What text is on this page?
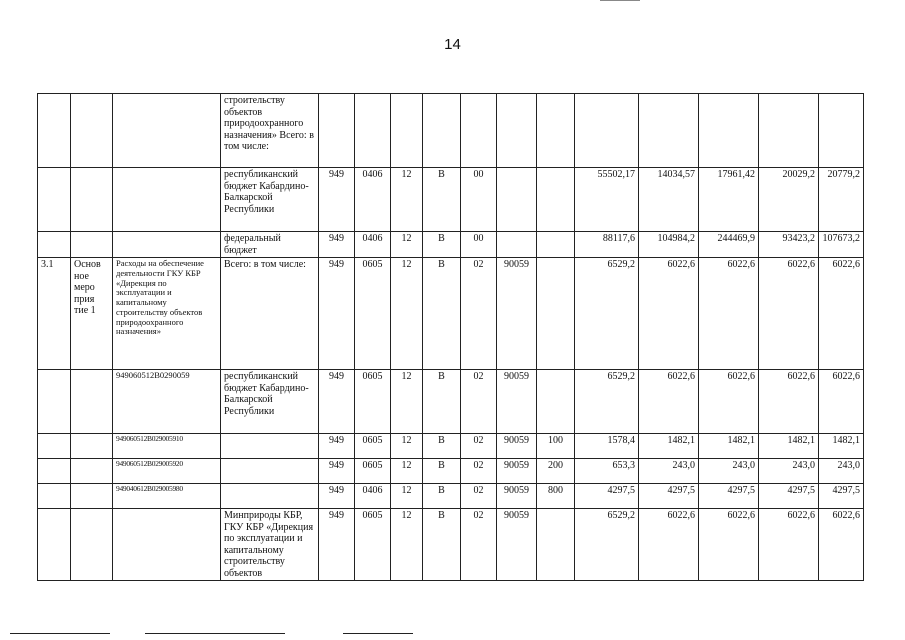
14
			строительству объектов природоохранного назначения» Всего: в том числе:												
			республиканский бюджет Кабардино-Балкарской Республики	949	0406	12	В	00			55502,17	14034,57	17961,42	20029,2	20779,2
			федеральный бюджет	949	0406	12	В	00			88117,6	104984,2	244469,9	93423,2	107673,2
3.1	Основ ное меро прия тие 1	Расходы на обеспечение деятельности ГКУ КБР «Дирекция по эксплуатации и капитальному строительству объектов природоохранного назначения»	Всего: в том числе:	949	0605	12	В	02	90059		6529,2	6022,6	6022,6	6022,6	6022,6
		949060512B0290059	республиканский бюджет Кабардино-Балкарской Республики	949	0605	12	В	02	90059		6529,2	6022,6	6022,6	6022,6	6022,6
		949060512B029005910		949	0605	12	В	02	90059	100	1578,4	1482,1	1482,1	1482,1	1482,1
		949060512B029005920		949	0605	12	В	02	90059	200	653,3	243,0	243,0	243,0	243,0
		949040612B029005980		949	0406	12	В	02	90059	800	4297,5	4297,5	4297,5	4297,5	4297,5
			Минприроды КБР, ГКУ КБР «Дирекция по эксплуатации и капитальному строительству объектов	949	0605	12	В	02	90059		6529,2	6022,6	6022,6	6022,6	6022,6
